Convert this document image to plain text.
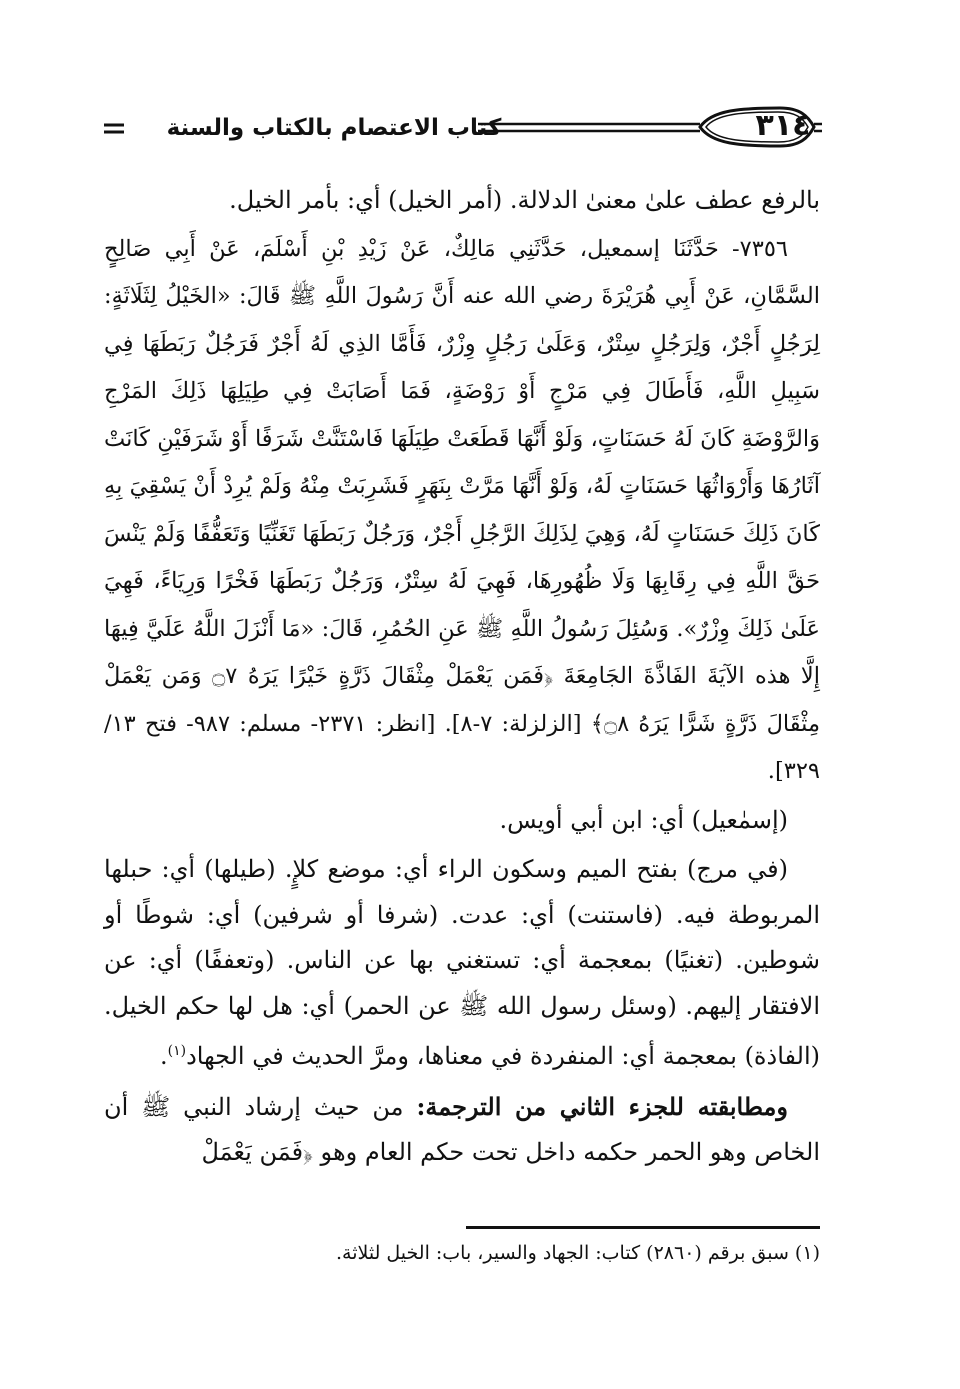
٣١٤
كتاب الاعتصام بالكتاب والسنة

بالرفع عطف علىٰ معنىٰ الدلالة. (أمر الخيل) أي: بأمر الخيل.

٧٣٥٦- حَدَّثَنَا إسمعيل، حَدَّثَنِي مَالِكٌ، عَنْ زَيْدِ بْنِ أَسْلَمَ، عَنْ أَبِي صَالِحٍ السَّمَّانِ، عَنْ أَبِي هُرَيْرَةَ رضي الله عنه أَنَّ رَسُولَ اللَّهِ ﷺ قَالَ: «الخَيْلُ لِثَلَاثَةٍ: لِرَجُلٍ أَجْرٌ، وَلِرَجُلٍ سِتْرٌ، وَعَلَىٰ رَجُلٍ وِزْرٌ، فَأَمَّا الذِي لَهُ أَجْرٌ فَرَجُلٌ رَبَطَهَا فِي سَبِيلِ اللَّهِ، فَأَطَالَ فِي مَرْجٍ أَوْ رَوْضَةٍ، فَمَا أَصَابَتْ فِي طِيَلِهَا ذَلِكَ المَرْجِ وَالرَّوْضَةِ كَانَ لَهُ حَسَنَاتٍ، وَلَوْ أَنَّهَا قَطَعَتْ طِيَلَهَا فَاسْتَنَّتْ شَرَفًا أَوْ شَرَفَيْنِ كَانَتْ آثَارُهَا وَأَرْوَاثُهَا حَسَنَاتٍ لَهُ، وَلَوْ أَنَّهَا مَرَّتْ بِنَهَرٍ فَشَرِبَتْ مِنْهُ وَلَمْ يُرِدْ أَنْ يَسْقِيَ بِهِ كَانَ ذَلِكَ حَسَنَاتٍ لَهُ، وَهِيَ لِذَلِكَ الرَّجُلِ أَجْرٌ، وَرَجُلٌ رَبَطَهَا تَغَنِّيًا وَتَعَفُّفًا وَلَمْ يَنْسَ حَقَّ اللَّهِ فِي رِقَابِهَا وَلَا ظُهُورِهَا، فَهِيَ لَهُ سِتْرٌ، وَرَجُلٌ رَبَطَهَا فَخْرًا وَرِيَاءً، فَهِيَ عَلَىٰ ذَلِكَ وِزْرٌ». وَسُئِلَ رَسُولُ اللَّهِ ﷺ عَنِ الحُمُرِ، قَالَ: «مَا أَنْزَلَ اللَّهُ عَلَيَّ فِيهَا إِلَّا هذه الآيَةَ الفَاذَّةَ الجَامِعَةَ ﴿فَمَن يَعْمَلْ مِثْقَالَ ذَرَّةٍ خَيْرًا يَرَهُ ۝٧ وَمَن يَعْمَلْ مِثْقَالَ ذَرَّةٍ شَرًّا يَرَهُ ۝٨﴾ [الزلزلة: ٧-٨]. [انظر: ٢٣٧١- مسلم: ٩٨٧- فتح ١٣/ ٣٢٩].

(إسمٰعيل) أي: ابن أبي أويس.

(في مرج) بفتح الميم وسكون الراء أي: موضع كلإٍ. (طيلها) أي: حبلها المربوطة فيه. (فاستنت) أي: عدت. (شرفا أو شرفين) أي: شوطًا أو شوطين. (تغنيًا) بمعجمة أي: تستغني بها عن الناس. (وتعففًا) أي: عن الافتقار إليهم. (وسئل رسول الله ﷺ عن الحمر) أي: هل لها حكم الخيل. (الفاذة) بمعجمة أي: المنفردة في معناها، ومرَّ الحديث في الجهاد$^{(١)}$.

ومطابقته للجزء الثاني من الترجمة: من حيث إرشاد النبي ﷺ أن الخاص وهو الحمر حكمه داخل تحت حكم العام وهو ﴿فَمَن يَعْمَلْ

(١) سبق برقم (٢٨٦٠) كتاب: الجهاد والسير، باب: الخيل لثلاثة.
